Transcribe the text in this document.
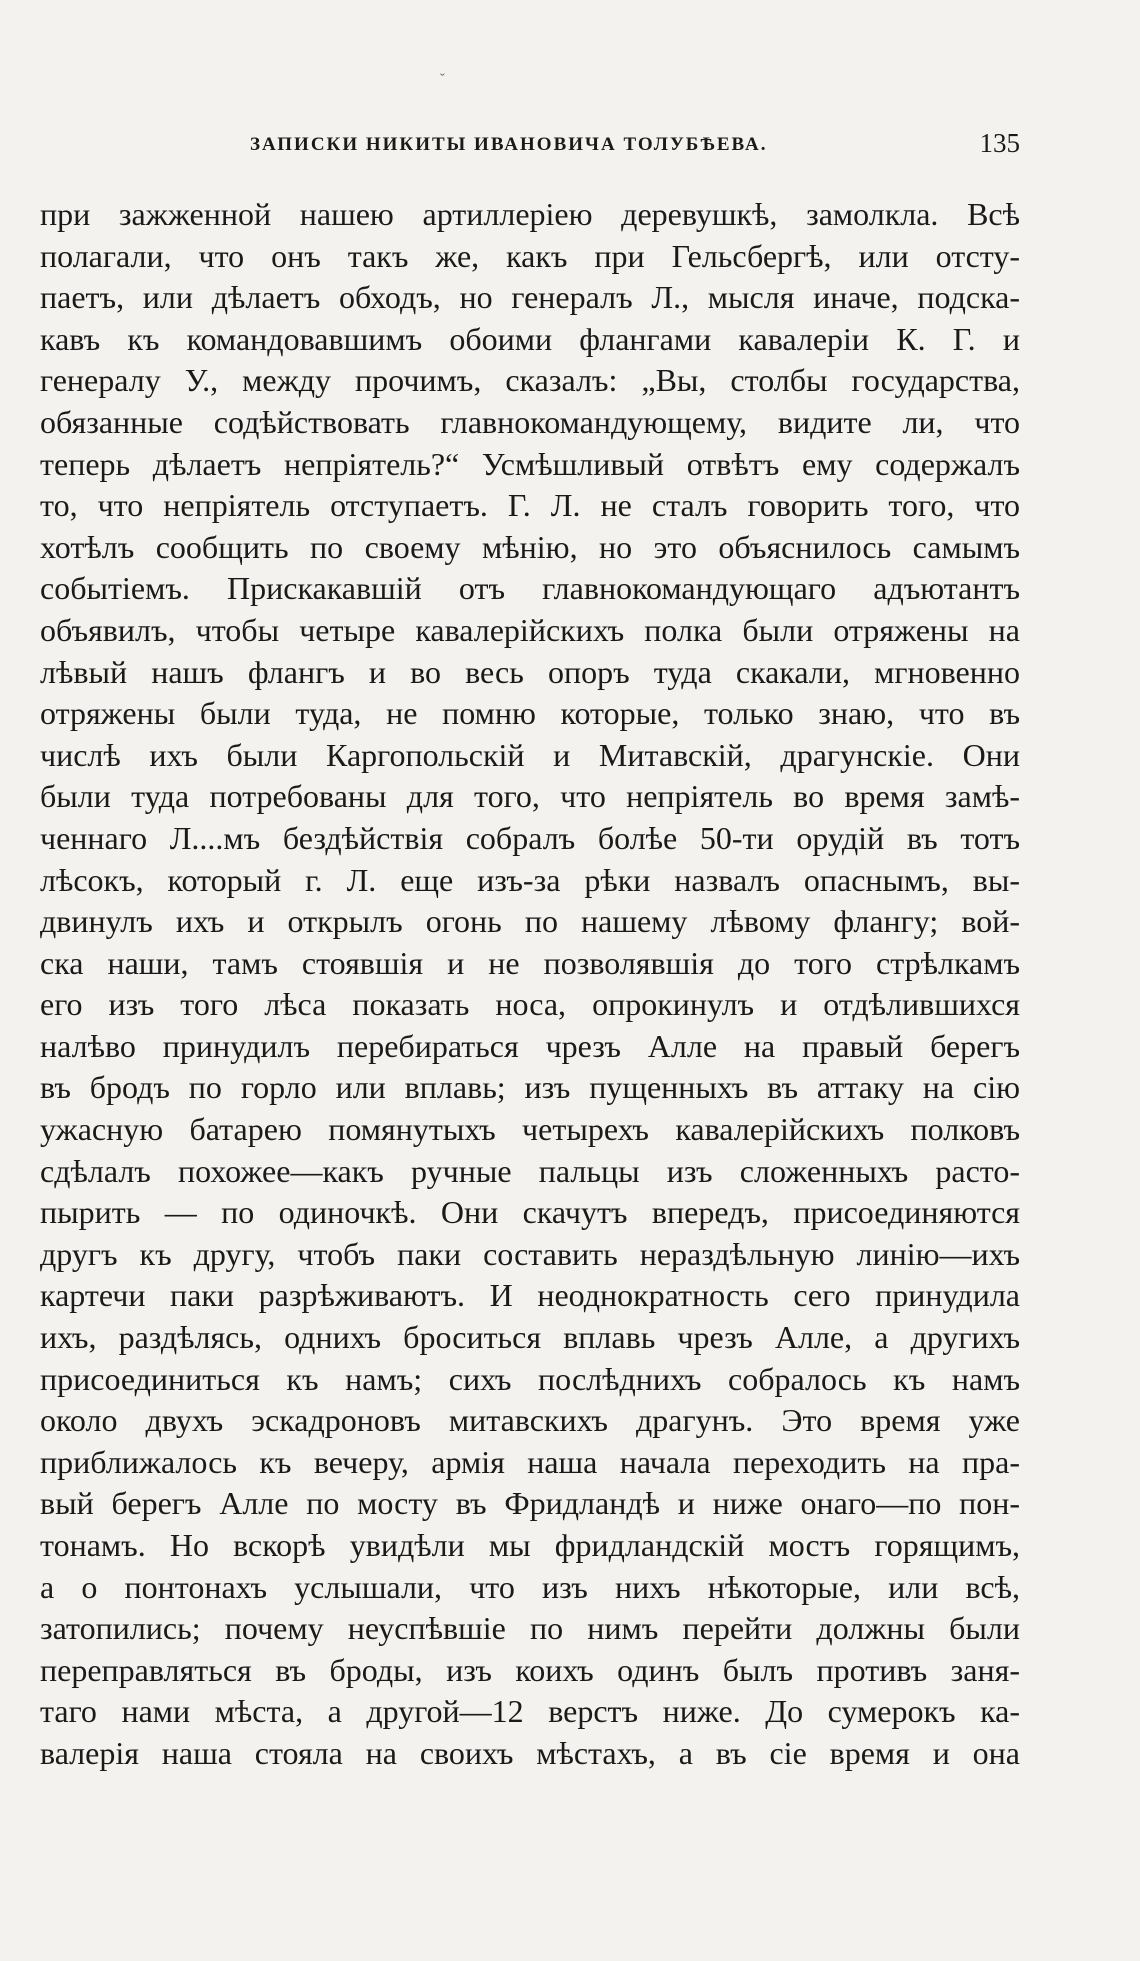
ˇ
ЗАПИСКИ НИКИТЫ ИВАНОВИЧА ТОЛУБѢЕВА.	135
при зажженной нашею артиллеріею деревушкѣ, замолкла. Всѣ
полагали, что онъ такъ же, какъ при Гельсбергѣ, или отсту-
паетъ, или дѣлаетъ обходъ, но генералъ Л., мысля иначе, подска-
кавъ къ командовавшимъ обоими флангами кавалеріи К. Г. и
генералу У., между прочимъ, сказалъ: „Вы, столбы государства,
обязанные содѣйствовать главнокомандующему, видите ли, что
теперь дѣлаетъ непріятель?“ Усмѣшливый отвѣтъ ему содержалъ
то, что непріятель отступаетъ. Г. Л. не сталъ говорить того, что
хотѣлъ сообщить по своему мѣнію, но это объяснилось самымъ
событіемъ. Прискакавшій отъ главнокомандующаго адъютантъ
объявилъ, чтобы четыре кавалерійскихъ полка были отряжены на
лѣвый нашъ флангъ и во весь опоръ туда скакали, мгновенно
отряжены были туда, не помню которые, только знаю, что въ
числѣ ихъ были Каргопольскій и Митавскій, драгунскіе. Они
были туда потребованы для того, что непріятель во время замѣ-
ченнаго Л....мъ бездѣйствія собралъ болѣе 50-ти орудій въ тотъ
лѣсокъ, который г. Л. еще изъ-за рѣки назвалъ опаснымъ, вы-
двинулъ ихъ и открылъ огонь по нашему лѣвому флангу; вой-
ска наши, тамъ стоявшія и не позволявшія до того стрѣлкамъ
его изъ того лѣса показать носа, опрокинулъ и отдѣлившихся
налѣво принудилъ перебираться чрезъ Алле на правый берегъ
въ бродъ по горло или вплавь; изъ пущенныхъ въ аттаку на сію
ужасную батарею помянутыхъ четырехъ кавалерійскихъ полковъ
сдѣлалъ похожее—какъ ручные пальцы изъ сложенныхъ расто-
пырить — по одиночкѣ. Они скачутъ впередъ, присоединяются
другъ къ другу, чтобъ паки составить нераздѣльную линію—ихъ
картечи паки разрѣживаютъ. И неоднократность сего принудила
ихъ, раздѣлясь, однихъ броситься вплавь чрезъ Алле, а другихъ
присоединиться къ намъ; сихъ послѣднихъ собралось къ намъ
около двухъ эскадроновъ митавскихъ драгунъ. Это время уже
приближалось къ вечеру, армія наша начала переходить на пра-
вый берегъ Алле по мосту въ Фридландѣ и ниже онаго—по пон-
тонамъ. Но вскорѣ увидѣли мы фридландскій мостъ горящимъ,
а о понтонахъ услышали, что изъ нихъ нѣкоторые, или всѣ,
затопились; почему неуспѣвшіе по нимъ перейти должны были
переправляться въ броды, изъ коихъ одинъ былъ противъ заня-
таго нами мѣста, а другой—12 верстъ ниже. До сумерокъ ка-
валерія наша стояла на своихъ мѣстахъ, а въ сіе время и она
